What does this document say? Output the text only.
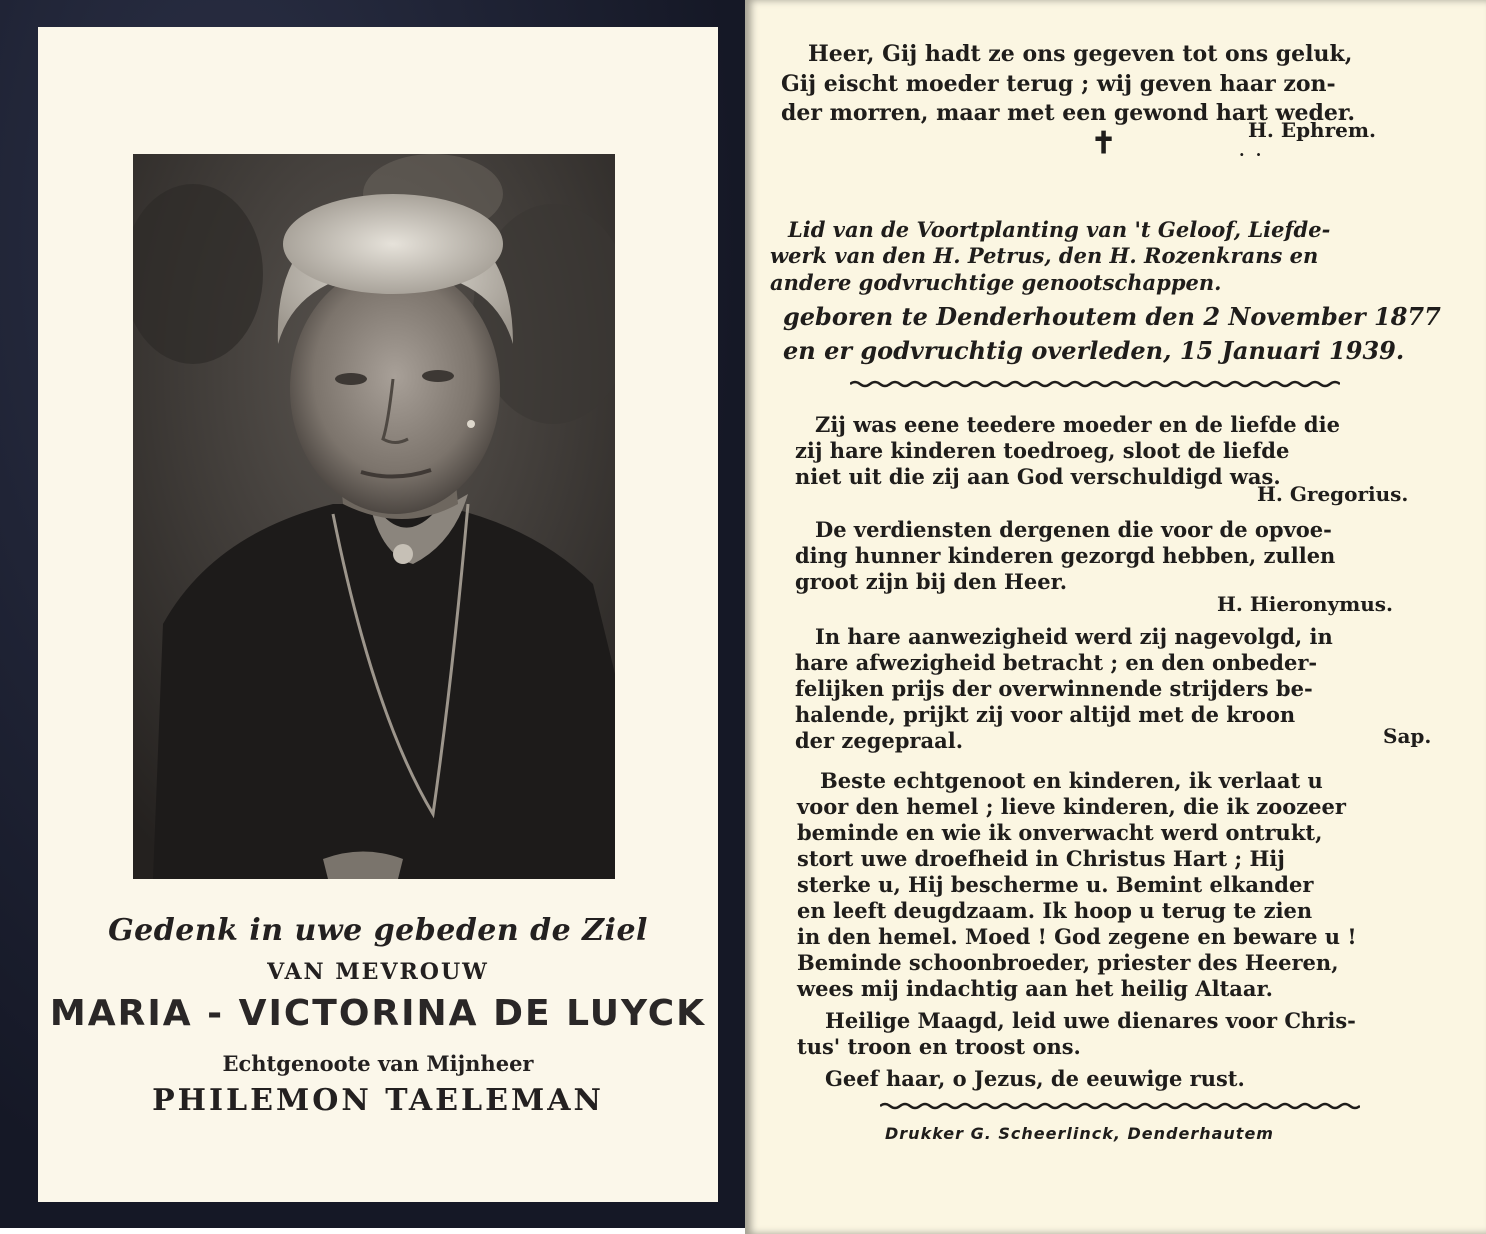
Gedenk in uwe gebeden de Ziel
VAN MEVROUW
MARIA - VICTORINA DE LUYCK
Echtgenoote van Mijnheer
PHILEMON TAELEMAN
Heer, Gij hadt ze ons gegeven tot ons geluk,
Gij eischt moeder terug ; wij geven haar zon-
der morren, maar met een gewond hart weder.
H. Ephrem.
✝	·  ·
Lid van de Voortplanting van 't Geloof, Liefde-
werk van den H. Petrus, den H. Rozenkrans en
andere godvruchtige genootschappen.
geboren te Denderhoutem den 2 November 1877
en er godvruchtig overleden, 15 Januari 1939.
Zij was eene teedere moeder en de liefde die
zij hare kinderen toedroeg, sloot de liefde
niet uit die zij aan God verschuldigd was.
H. Gregorius.
De verdiensten dergenen die voor de opvoe-
ding hunner kinderen gezorgd hebben, zullen
groot zijn bij den Heer.
H. Hieronymus.
In hare aanwezigheid werd zij nagevolgd, in
hare afwezigheid betracht ; en den onbeder-
felijken prijs der overwinnende strijders be-
halende, prijkt zij voor altijd met de kroon
der zegepraal.	Sap.
Beste echtgenoot en kinderen, ik verlaat u
voor den hemel ; lieve kinderen, die ik zoozeer
beminde en wie ik onverwacht werd ontrukt,
stort uwe droefheid in Christus Hart ; Hij
sterke u, Hij bescherme u. Bemint elkander
en leeft deugdzaam. Ik hoop u terug te zien
in den hemel. Moed ! God zegene en beware u !
Beminde schoonbroeder, priester des Heeren,
wees mij indachtig aan het heilig Altaar.
Heilige Maagd, leid uwe dienares voor Chris-
tus' troon en troost ons.
Geef haar, o Jezus, de eeuwige rust.
Drukker G. Scheerlinck, Denderhautem
